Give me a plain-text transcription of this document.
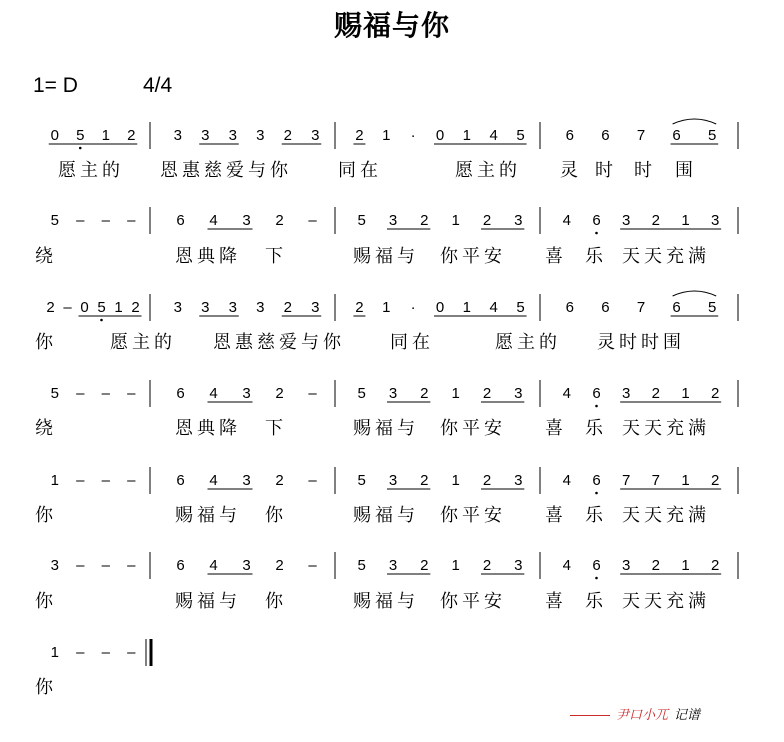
赐福与你
1= D	4/4
0 5 1 2	3 3 3 3 2 3 2 1 · 0 1 4 5	6 6 7 6 5
愿主的 恩惠慈爱与你	同在	愿主的 灵 时 时 围
5 – – –	6 4 3 2 –	5 3 2 1 2 3	4 6 3 2 1 3
绕	恩典降 下	赐福与 你平安 喜 乐 天天充满
2 – 0 5 1 2 3 3 3 3 2 3 2 1 · 0 1 4 5	6 6 7 6 5
你	愿主的 恩惠慈爱与你	同在	愿主的 灵时时围
5 – – –	6 4 3 2 –	5 3 2 1 2 3	4 6 3 2 1 2
绕	恩典降 下	赐福与 你平安 喜 乐 天天充满
1 – – –	6 4 3 2 –	5 3 2 1 2 3	4 6 7 7 1 2
你	赐福与 你	赐福与 你平安 喜 乐 天天充满
3 – – –	6 4 3 2 –	5 3 2 1 2 3	4 6 3 2 1 2
你	赐福与 你	赐福与 你平安 喜 乐 天天充满
1 – – –
你
尹口小兀 记谱
